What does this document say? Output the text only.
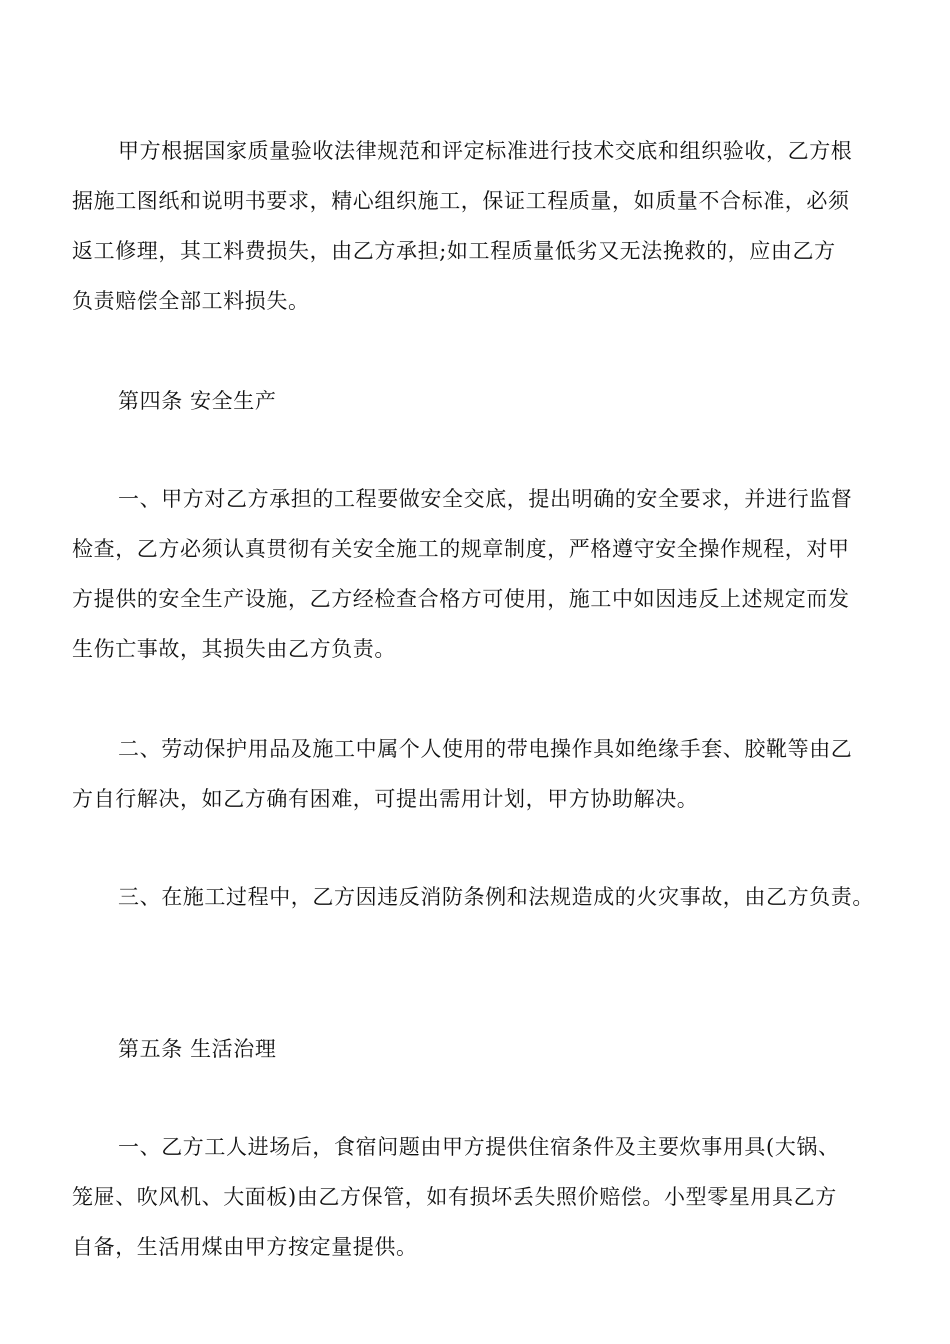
甲方根据国家质量验收法律规范和评定标准进行技术交底和组织验收，乙方根
据施工图纸和说明书要求，精心组织施工，保证工程质量，如质量不合标准，必须
返工修理，其工料费损失，由乙方承担;如工程质量低劣又无法挽救的，应由乙方
负责赔偿全部工料损失。
第四条 安全生产
一、甲方对乙方承担的工程要做安全交底，提出明确的安全要求，并进行监督
检查，乙方必须认真贯彻有关安全施工的规章制度，严格遵守安全操作规程，对甲
方提供的安全生产设施，乙方经检查合格方可使用，施工中如因违反上述规定而发
生伤亡事故，其损失由乙方负责。
二、劳动保护用品及施工中属个人使用的带电操作具如绝缘手套、胶靴等由乙
方自行解决，如乙方确有困难，可提出需用计划，甲方协助解决。
三、在施工过程中，乙方因违反消防条例和法规造成的火灾事故，由乙方负责。
第五条 生活治理
一、乙方工人进场后，食宿问题由甲方提供住宿条件及主要炊事用具(大锅、
笼屉、吹风机、大面板)由乙方保管，如有损坏丢失照价赔偿。小型零星用具乙方
自备，生活用煤由甲方按定量提供。
